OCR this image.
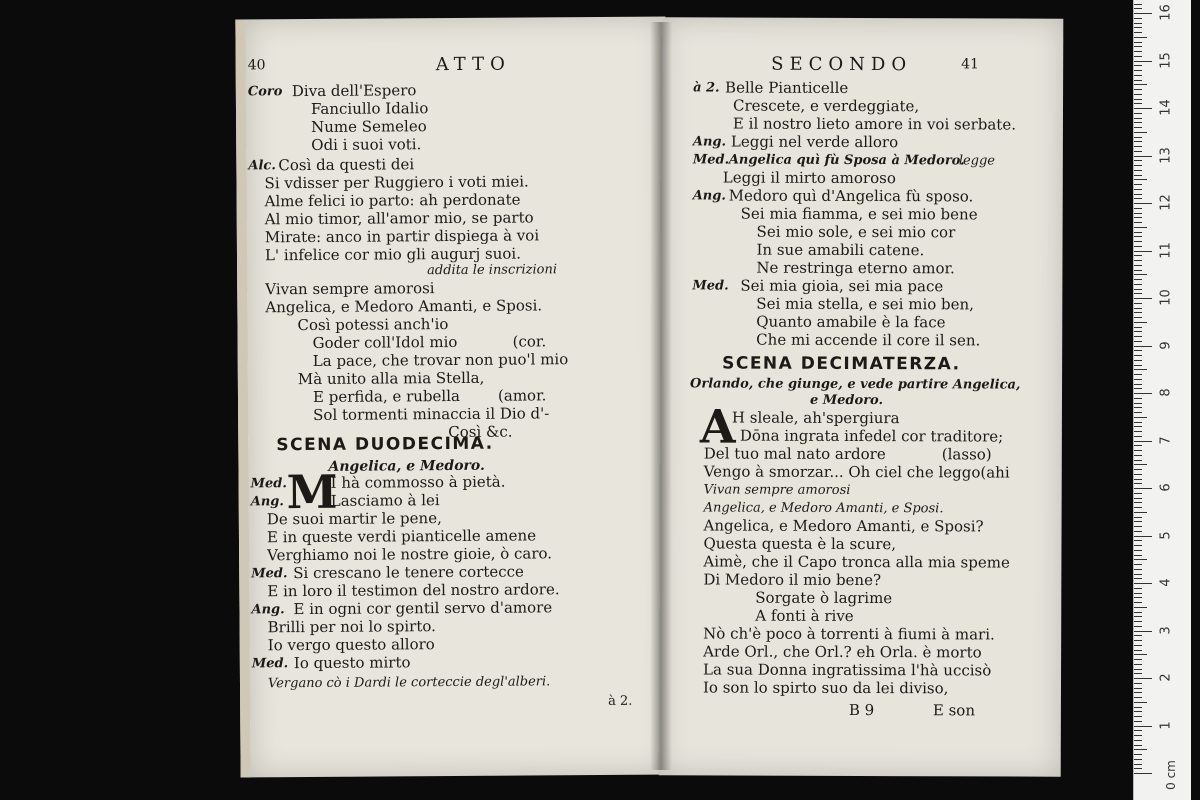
40	ATTO
Coro Diva dell'Espero
Fanciullo Idalio
Nume Semeleo
Odi i suoi voti.
Alc. Così da questi dei
Si vdisser per Ruggiero i voti miei.
Alme felici io parto: ah perdonate
Al mio timor, all'amor mio, se parto
Mirate: anco in partir dispiega à voi
L' infelice cor mio gli augurj suoi.
addita le inscrizioni
Vivan sempre amorosi
Angelica, e Medoro Amanti, e Sposi.
Così potessi anch'io
Goder coll'Idol mio	(cor.
La pace, che trovar non puo'l mio
Mà unito alla mia Stella,
E perfida, e rubella	(amor.
Sol tormenti minaccia il Dio d'-
Così &c.
SCENA DUODECIMA.
Angelica, e Medoro.
M
Med.	I hà commosso à pietà.
Ang.	Lasciamo à lei
De suoi martir le pene,
E in queste verdi pianticelle amene
Verghiamo noi le nostre gioie, ò caro.
Med. Si crescano le tenere cortecce
E in loro il testimon del nostro ardore.
Ang. E in ogni cor gentil servo d'amore
Brilli per noi lo spirto.
Io vergo questo alloro
Med. Io questo mirto
Vergano cò i Dardi le corteccie degl'alberi.
à 2.
SECONDO	41
à 2. Belle Pianticelle
Crescete, e verdeggiate,
E il nostro lieto amore in voi serbate.
Ang. Leggi nel verde alloro
Med. Angelica quì fù Sposa à Medoro.
legge
Leggi il mirto amoroso
Ang. Medoro quì d'Angelica fù sposo.
Sei mia fiamma, e sei mio bene
Sei mio sole, e sei mio cor
In sue amabili catene.
Ne restringa eterno amor.
Med. Sei mia gioia, sei mia pace
Sei mia stella, e sei mio ben,
Quanto amabile è la face
Che mi accende il core il sen.
SCENA DECIMATERZA.
Orlando, che giunge, e vede partire Angelica,
e Medoro.
A
H sleale, ah'spergiura
Dōna ingrata infedel cor traditore;
Del tuo mal nato ardore	(lasso)
Vengo à smorzar... Oh ciel che leggo(ahi
Vivan sempre amorosi
Angelica, e Medoro Amanti, e Sposi.
Angelica, e Medoro Amanti, e Sposi?
Questa questa è la scure,
Aimè, che il Capo tronca alla mia speme
Di Medoro il mio bene?
Sorgate ò lagrime
A fonti à rive
Nò ch'è poco à torrenti à fiumi à mari.
Arde Orl., che Orl.? eh Orla. è morto
La sua Donna ingratissima l'hà uccisò
Io son lo spirto suo da lei diviso,
B 9	E son
0 cm
1
2
3
4
5
6
7
8
9
10
11
12
13
14
15
16
